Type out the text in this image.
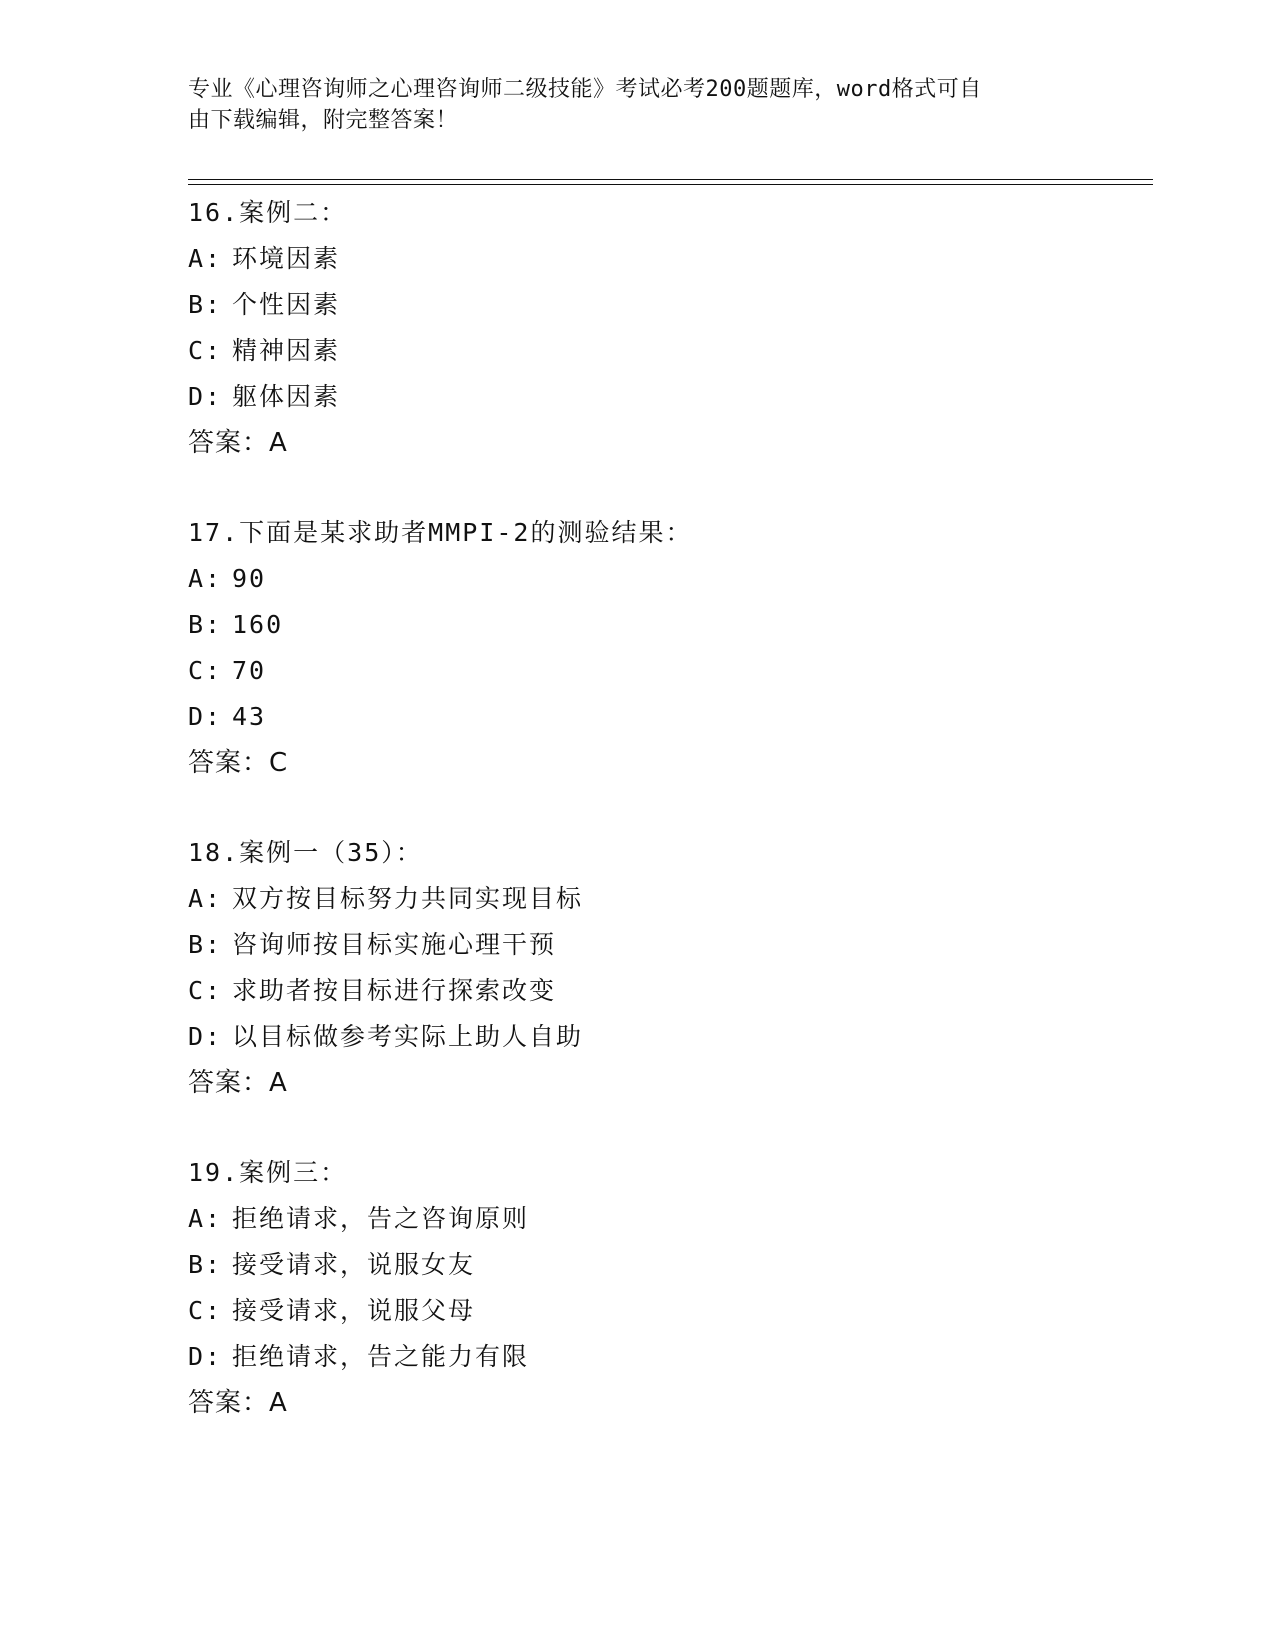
专业《心理咨询师之心理咨询师二级技能》考试必考200题题库，word格式可自
由下载编辑，附完整答案！
16.案例二：
A: 环境因素
B: 个性因素
C: 精神因素
D: 躯体因素
答案：A
17.下面是某求助者MMPI-2的测验结果：
A: 90
B: 160
C: 70
D: 43
答案：C
18.案例一（35）：
A: 双方按目标努力共同实现目标
B: 咨询师按目标实施心理干预
C: 求助者按目标进行探索改变
D: 以目标做参考实际上助人自助
答案：A
19.案例三：
A: 拒绝请求，告之咨询原则
B: 接受请求，说服女友
C: 接受请求，说服父母
D: 拒绝请求，告之能力有限
答案：A
